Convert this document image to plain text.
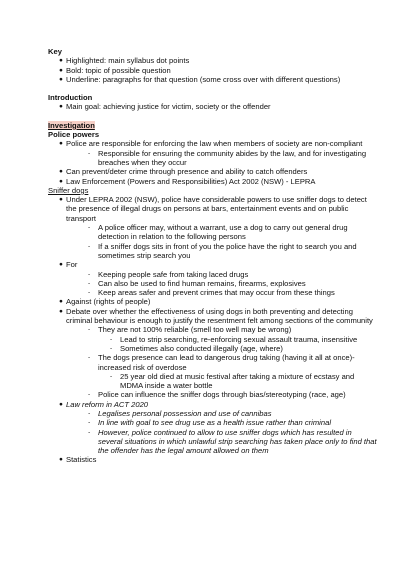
Key

● Highlighted: main syllabus dot points
● Bold: topic of possible question
● Underline: paragraphs for that question (some cross over with different questions)

Introduction

● Main goal: achieving justice for victim, society or the offender

Investigation

Police powers

● Police are responsible for enforcing the law when members of society are non-compliant
- Responsible for ensuring the community abides by the law, and for investigating breaches when they occur
● Can prevent/deter crime through presence and ability to catch offenders
● Law Enforcement (Powers and Responsibilities) Act 2002 (NSW) - LEPRA

Sniffer dogs

● Under LEPRA 2002 (NSW), police have considerable powers to use sniffer dogs to detect the presence of illegal drugs on persons at bars, entertainment events and on public transport
- A police officer may, without a warrant, use a dog to carry out general drug detection in relation to the following persons
- If a sniffer dogs sits in front of you the police have the right to search you and sometimes strip search you
● For
- Keeping people safe from taking laced drugs
- Can also be used to find human remains, firearms, explosives
- Keep areas safer and prevent crimes that may occur from these things
● Against (rights of people)
● Debate over whether the effectiveness of using dogs in both preventing and detecting criminal behaviour is enough to justify the resentment felt among sections of the community
- They are not 100% reliable (smell too well may be wrong)
- Lead to strip searching, re-enforcing sexual assault trauma, insensitive
- Sometimes also conducted illegally (age, where)
- The dogs presence can lead to dangerous drug taking (having it all at once)- increased risk of overdose
- 25 year old died at music festival after taking a mixture of ecstasy and MDMA inside a water bottle
- Police can influence the sniffer dogs through bias/stereotyping (race, age)
● Law reform in ACT 2020
- Legalises personal possession and use of cannibas
- In line with goal to see drug use as a health issue rather than criminal
- However, police continued to allow to use sniffer dogs which has resulted in several situations in which unlawful strip searching has taken place only to find that the offender has the legal amount allowed on them
● Statistics
